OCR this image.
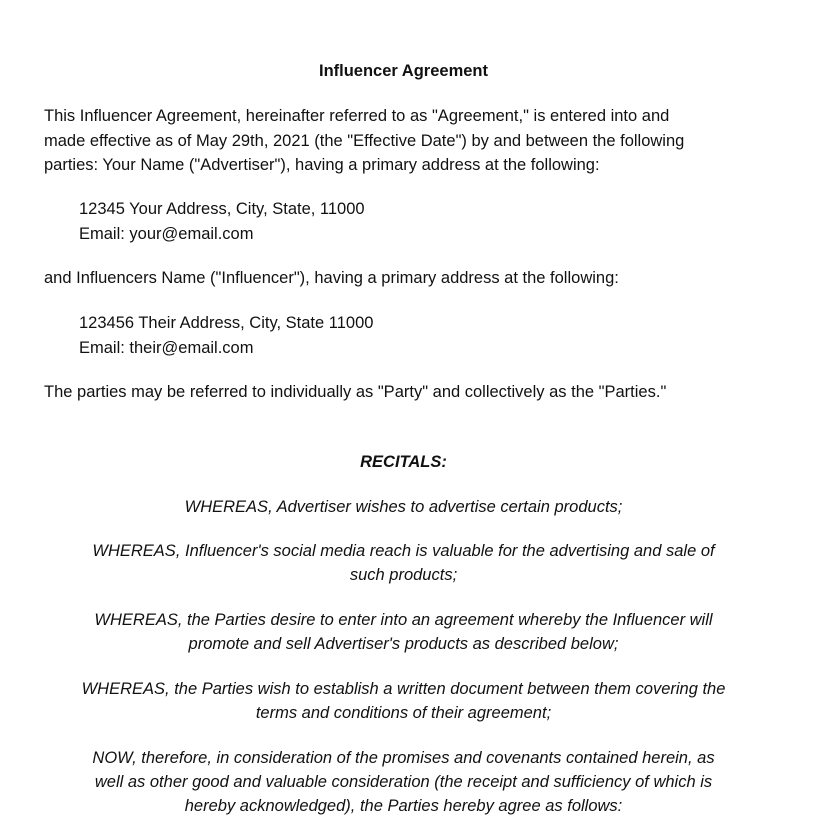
Influencer Agreement

This Influencer Agreement, hereinafter referred to as "Agreement," is entered into and
made effective as of May 29th, 2021 (the "Effective Date") by and between the following
parties: Your Name ("Advertiser"), having a primary address at the following:

12345 Your Address, City, State, 11000
Email: your@email.com

and Influencers Name ("Influencer"), having a primary address at the following:

123456 Their Address, City, State 11000
Email: their@email.com

The parties may be referred to individually as "Party" and collectively as the "Parties."

RECITALS:

WHEREAS, Advertiser wishes to advertise certain products;

WHEREAS, Influencer's social media reach is valuable for the advertising and sale of
such products;

WHEREAS, the Parties desire to enter into an agreement whereby the Influencer will
promote and sell Advertiser's products as described below;

WHEREAS, the Parties wish to establish a written document between them covering the
terms and conditions of their agreement;

NOW, therefore, in consideration of the promises and covenants contained herein, as
well as other good and valuable consideration (the receipt and sufficiency of which is
hereby acknowledged), the Parties hereby agree as follows:
